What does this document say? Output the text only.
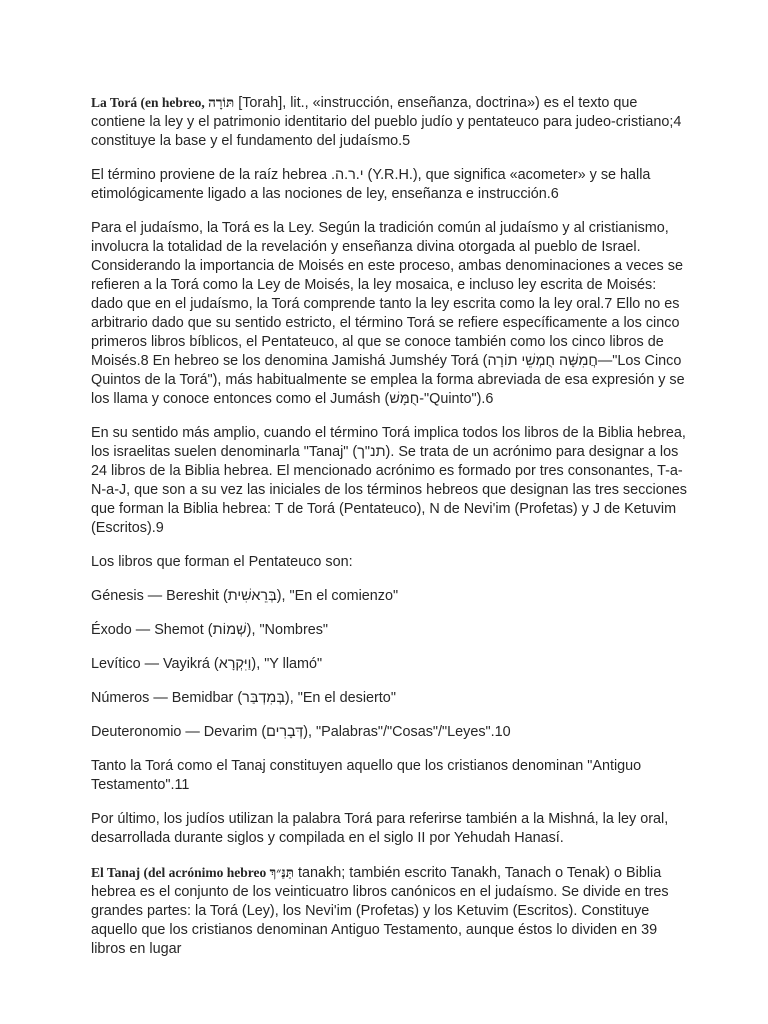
La Torá (en hebreo, תּוֹרָה [Torah], lit., «instrucción, enseñanza, doctrina») es el texto que contiene la ley y el patrimonio identitario del pueblo judío y pentateuco para judeo-cristiano;4 constituye la base y el fundamento del judaísmo.5

El término proviene de la raíz hebrea .י.ר.ה (Y.R.H.), que significa «acometer» y se halla etimológicamente ligado a las nociones de ley, enseñanza e instrucción.6

Para el judaísmo, la Torá es la Ley. Según la tradición común al judaísmo y al cristianismo, involucra la totalidad de la revelación y enseñanza divina otorgada al pueblo de Israel. Considerando la importancia de Moisés en este proceso, ambas denominaciones a veces se refieren a la Torá como la Ley de Moisés, la ley mosaica, e incluso ley escrita de Moisés: dado que en el judaísmo, la Torá comprende tanto la ley escrita como la ley oral.7 Ello no es arbitrario dado que su sentido estricto, el término Torá se refiere específicamente a los cinco primeros libros bíblicos, el Pentateuco, al que se conoce también como los cinco libros de Moisés.8 En hebreo se los denomina Jamishá Jumshéy Torá (חֲמִשָּׁה חֻמְשֵׁי תוֹרָה—"Los Cinco Quintos de la Torá"), más habitualmente se emplea la forma abreviada de esa expresión y se los llama y conoce entonces como el Jumásh (חֻמָּשׁ-"Quinto").6

En su sentido más amplio, cuando el término Torá implica todos los libros de la Biblia hebrea, los israelitas suelen denominarla "Tanaj" (תנ"ך). Se trata de un acrónimo para designar a los 24 libros de la Biblia hebrea. El mencionado acrónimo es formado por tres consonantes, T-a-N-a-J, que son a su vez las iniciales de los términos hebreos que designan las tres secciones que forman la Biblia hebrea: T de Torá (Pentateuco), N de Nevi'im (Profetas) y J de Ketuvim (Escritos).9

Los libros que forman el Pentateuco son:

Génesis — Bereshit (בְּרֵאשִׁית), "En el comienzo"

Éxodo — Shemot (שְׁמוֹת), "Nombres"

Levítico — Vayikrá (וַיִּקְרָא), "Y llamó"

Números — Bemidbar (בְּמִדְבַּר), "En el desierto"

Deuteronomio — Devarim (דְּבָרִים), "Palabras"/"Cosas"/"Leyes".10

Tanto la Torá como el Tanaj constituyen aquello que los cristianos denominan "Antiguo Testamento".11

Por último, los judíos utilizan la palabra Torá para referirse también a la Mishná, la ley oral, desarrollada durante siglos y compilada en el siglo II por Yehudah Hanasí.

El Tanaj (del acrónimo hebreo תַּנַּ״ךְ tanakh; también escrito Tanakh, Tanach o Tenak) o Biblia hebrea es el conjunto de los veinticuatro libros canónicos en el judaísmo. Se divide en tres grandes partes: la Torá (Ley), los Nevi'im (Profetas) y los Ketuvim (Escritos). Constituye aquello que los cristianos denominan Antiguo Testamento, aunque éstos lo dividen en 39 libros en lugar
